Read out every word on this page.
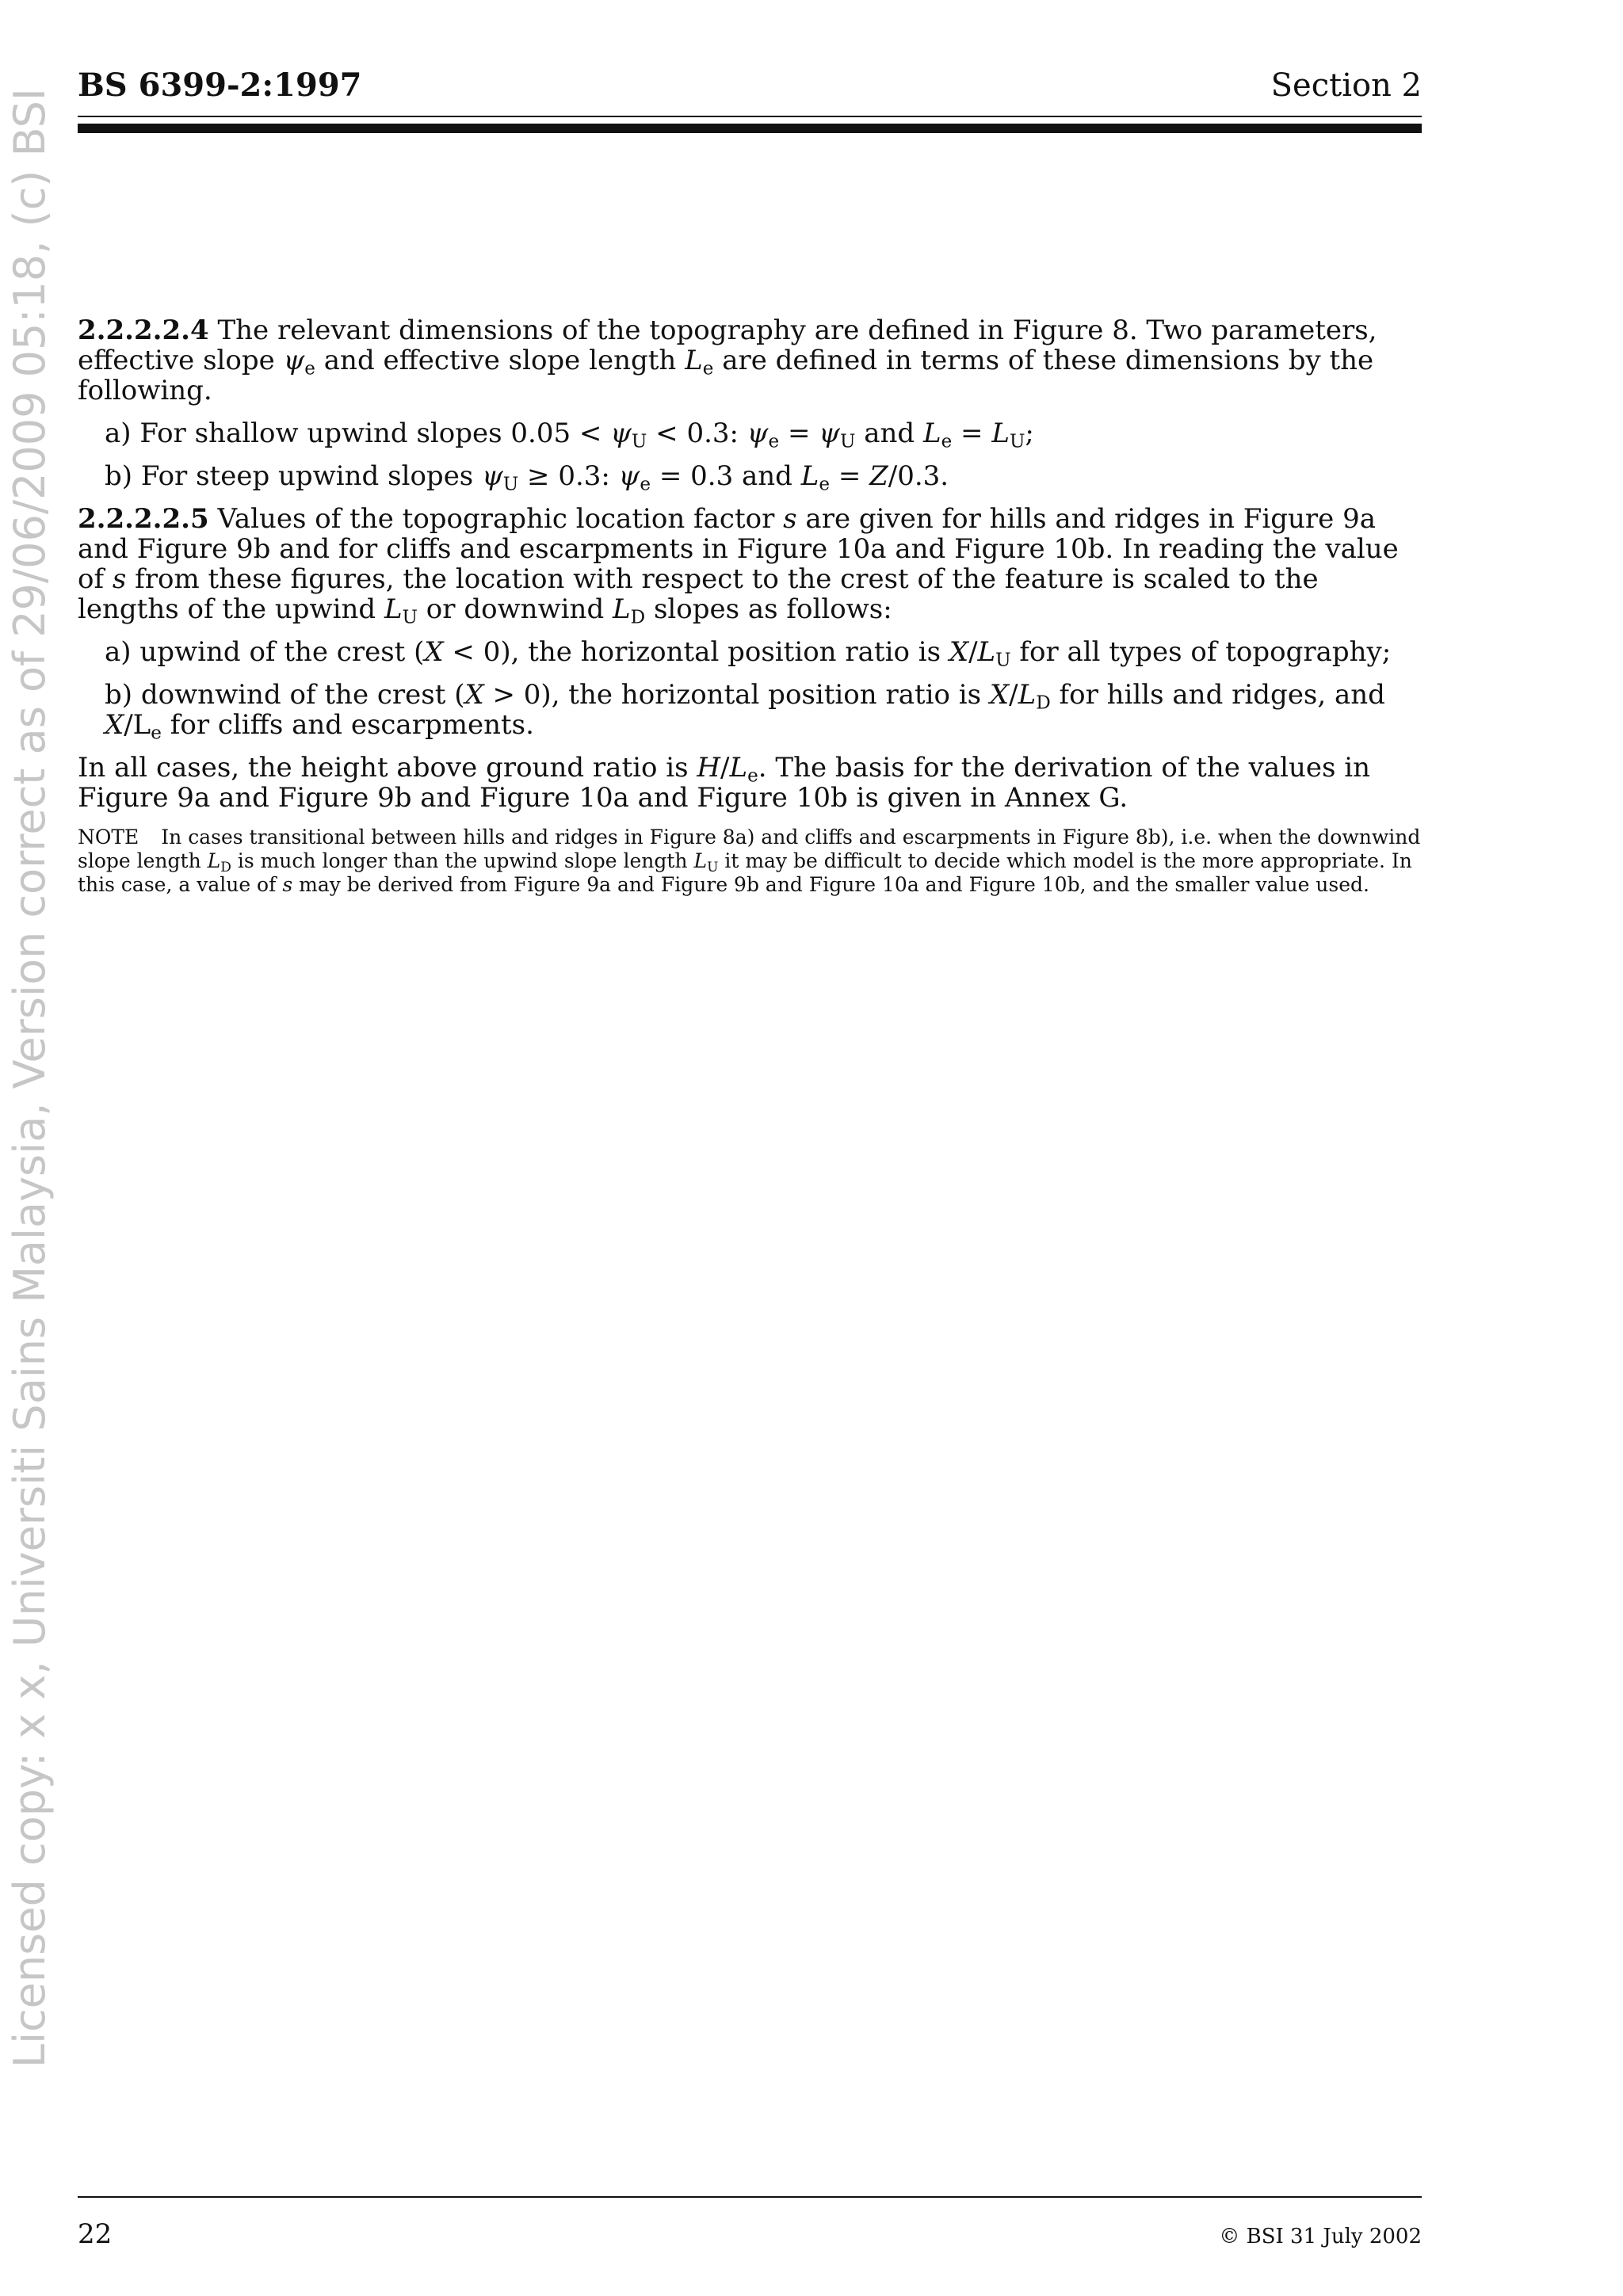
BS 6399-2:1997	Section 2
Licensed copy: x x, Universiti Sains Malaysia, Version correct as of 29/06/2009 05:18, (c) BSI 2.2.2.2.4 The relevant dimensions of the topography are defined in Figure 8. Two parameters, effective slope $\psi_e$ and effective slope length $L_e$ are defined in terms of these dimensions by the following.

a) For shallow upwind slopes $0.05 < \psi_U < 0.3$: $\psi_e = \psi_U$ and $L_e = L_U$;

b) For steep upwind slopes $\psi_U \ge 0.3$: $\psi_e = 0.3$ and $L_e = Z/0.3$.

2.2.2.2.5 Values of the topographic location factor s are given for hills and ridges in Figure 9a and Figure 9b and for cliffs and escarpments in Figure 10a and Figure 10b. In reading the value of s from these figures, the location with respect to the crest of the feature is scaled to the lengths of the upwind $L_U$ or downwind $L_D$ slopes as follows:

a) upwind of the crest (X < 0), the horizontal position ratio is $X/L_U$ for all types of topography;

b) downwind of the crest (X > 0), the horizontal position ratio is $X/L_D$ for hills and ridges, and $X/L_e$ for cliffs and escarpments.

In all cases, the height above ground ratio is $H/L_e$. The basis for the derivation of the values in Figure 9a and Figure 9b and Figure 10a and Figure 10b is given in Annex G.

NOTE In cases transitional between hills and ridges in Figure 8a) and cliffs and escarpments in Figure 8b), i.e. when the downwind slope length $L_D$ is much longer than the upwind slope length $L_U$ it may be difficult to decide which model is the more appropriate. In this case, a value of s may be derived from Figure 9a and Figure 9b and Figure 10a and Figure 10b, and the smaller value used.

22	© BSI 31 July 2002
